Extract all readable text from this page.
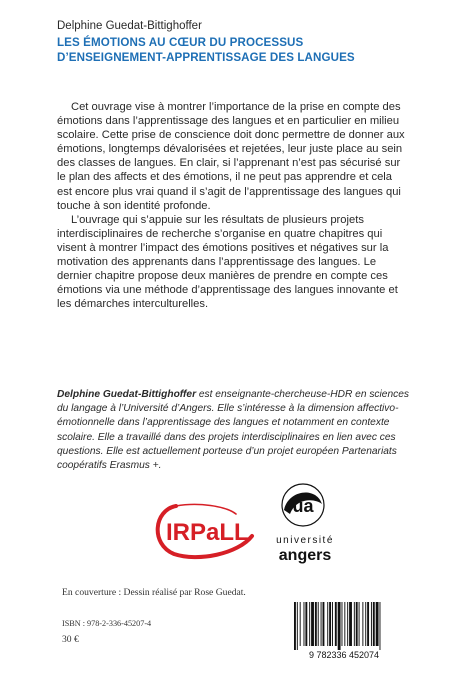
Delphine Guedat-Bittighoffer
LES ÉMOTIONS AU CŒUR DU PROCESSUS
D’ENSEIGNEMENT-APPRENTISSAGE DES LANGUES

Cet ouvrage vise à montrer l’importance de la prise en compte des émotions dans l’apprentissage des langues et en particulier en milieu scolaire. Cette prise de conscience doit donc permettre de donner aux émotions, longtemps dévalorisées et rejetées, leur juste place au sein des classes de langues. En clair, si l’apprenant n’est pas sécurisé sur le plan des affects et des émotions, il ne peut pas apprendre et cela est encore plus vrai quand il s’agit de l’apprentissage des langues qui touche à son identité profonde.

L’ouvrage qui s’appuie sur les résultats de plusieurs projets interdisciplinaires de recherche s’organise en quatre chapitres qui visent à montrer l’impact des émotions positives et négatives sur la motivation des apprenants dans l’apprentissage des langues. Le dernier chapitre propose deux manières de prendre en compte ces émotions via une méthode d’apprentissage des langues innovante et les démarches interculturelles.

Delphine Guedat-Bittighoffer est enseignante-chercheuse-HDR en sciences du langage à l’Université d’Angers. Elle s’intéresse à la dimension affectivo-émotionnelle dans l’apprentissage des langues et notamment en contexte scolaire. Elle a travaillé dans des projets interdisciplinaires en lien avec ces questions. Elle est actuellement porteuse d’un projet européen Partenariats coopératifs Erasmus +.
IRPaLL
ua
université
angers
En couverture : Dessin réalisé par Rose Guedat.
ISBN : 978-2-336-45207-4
30 €
9 782336 452074
